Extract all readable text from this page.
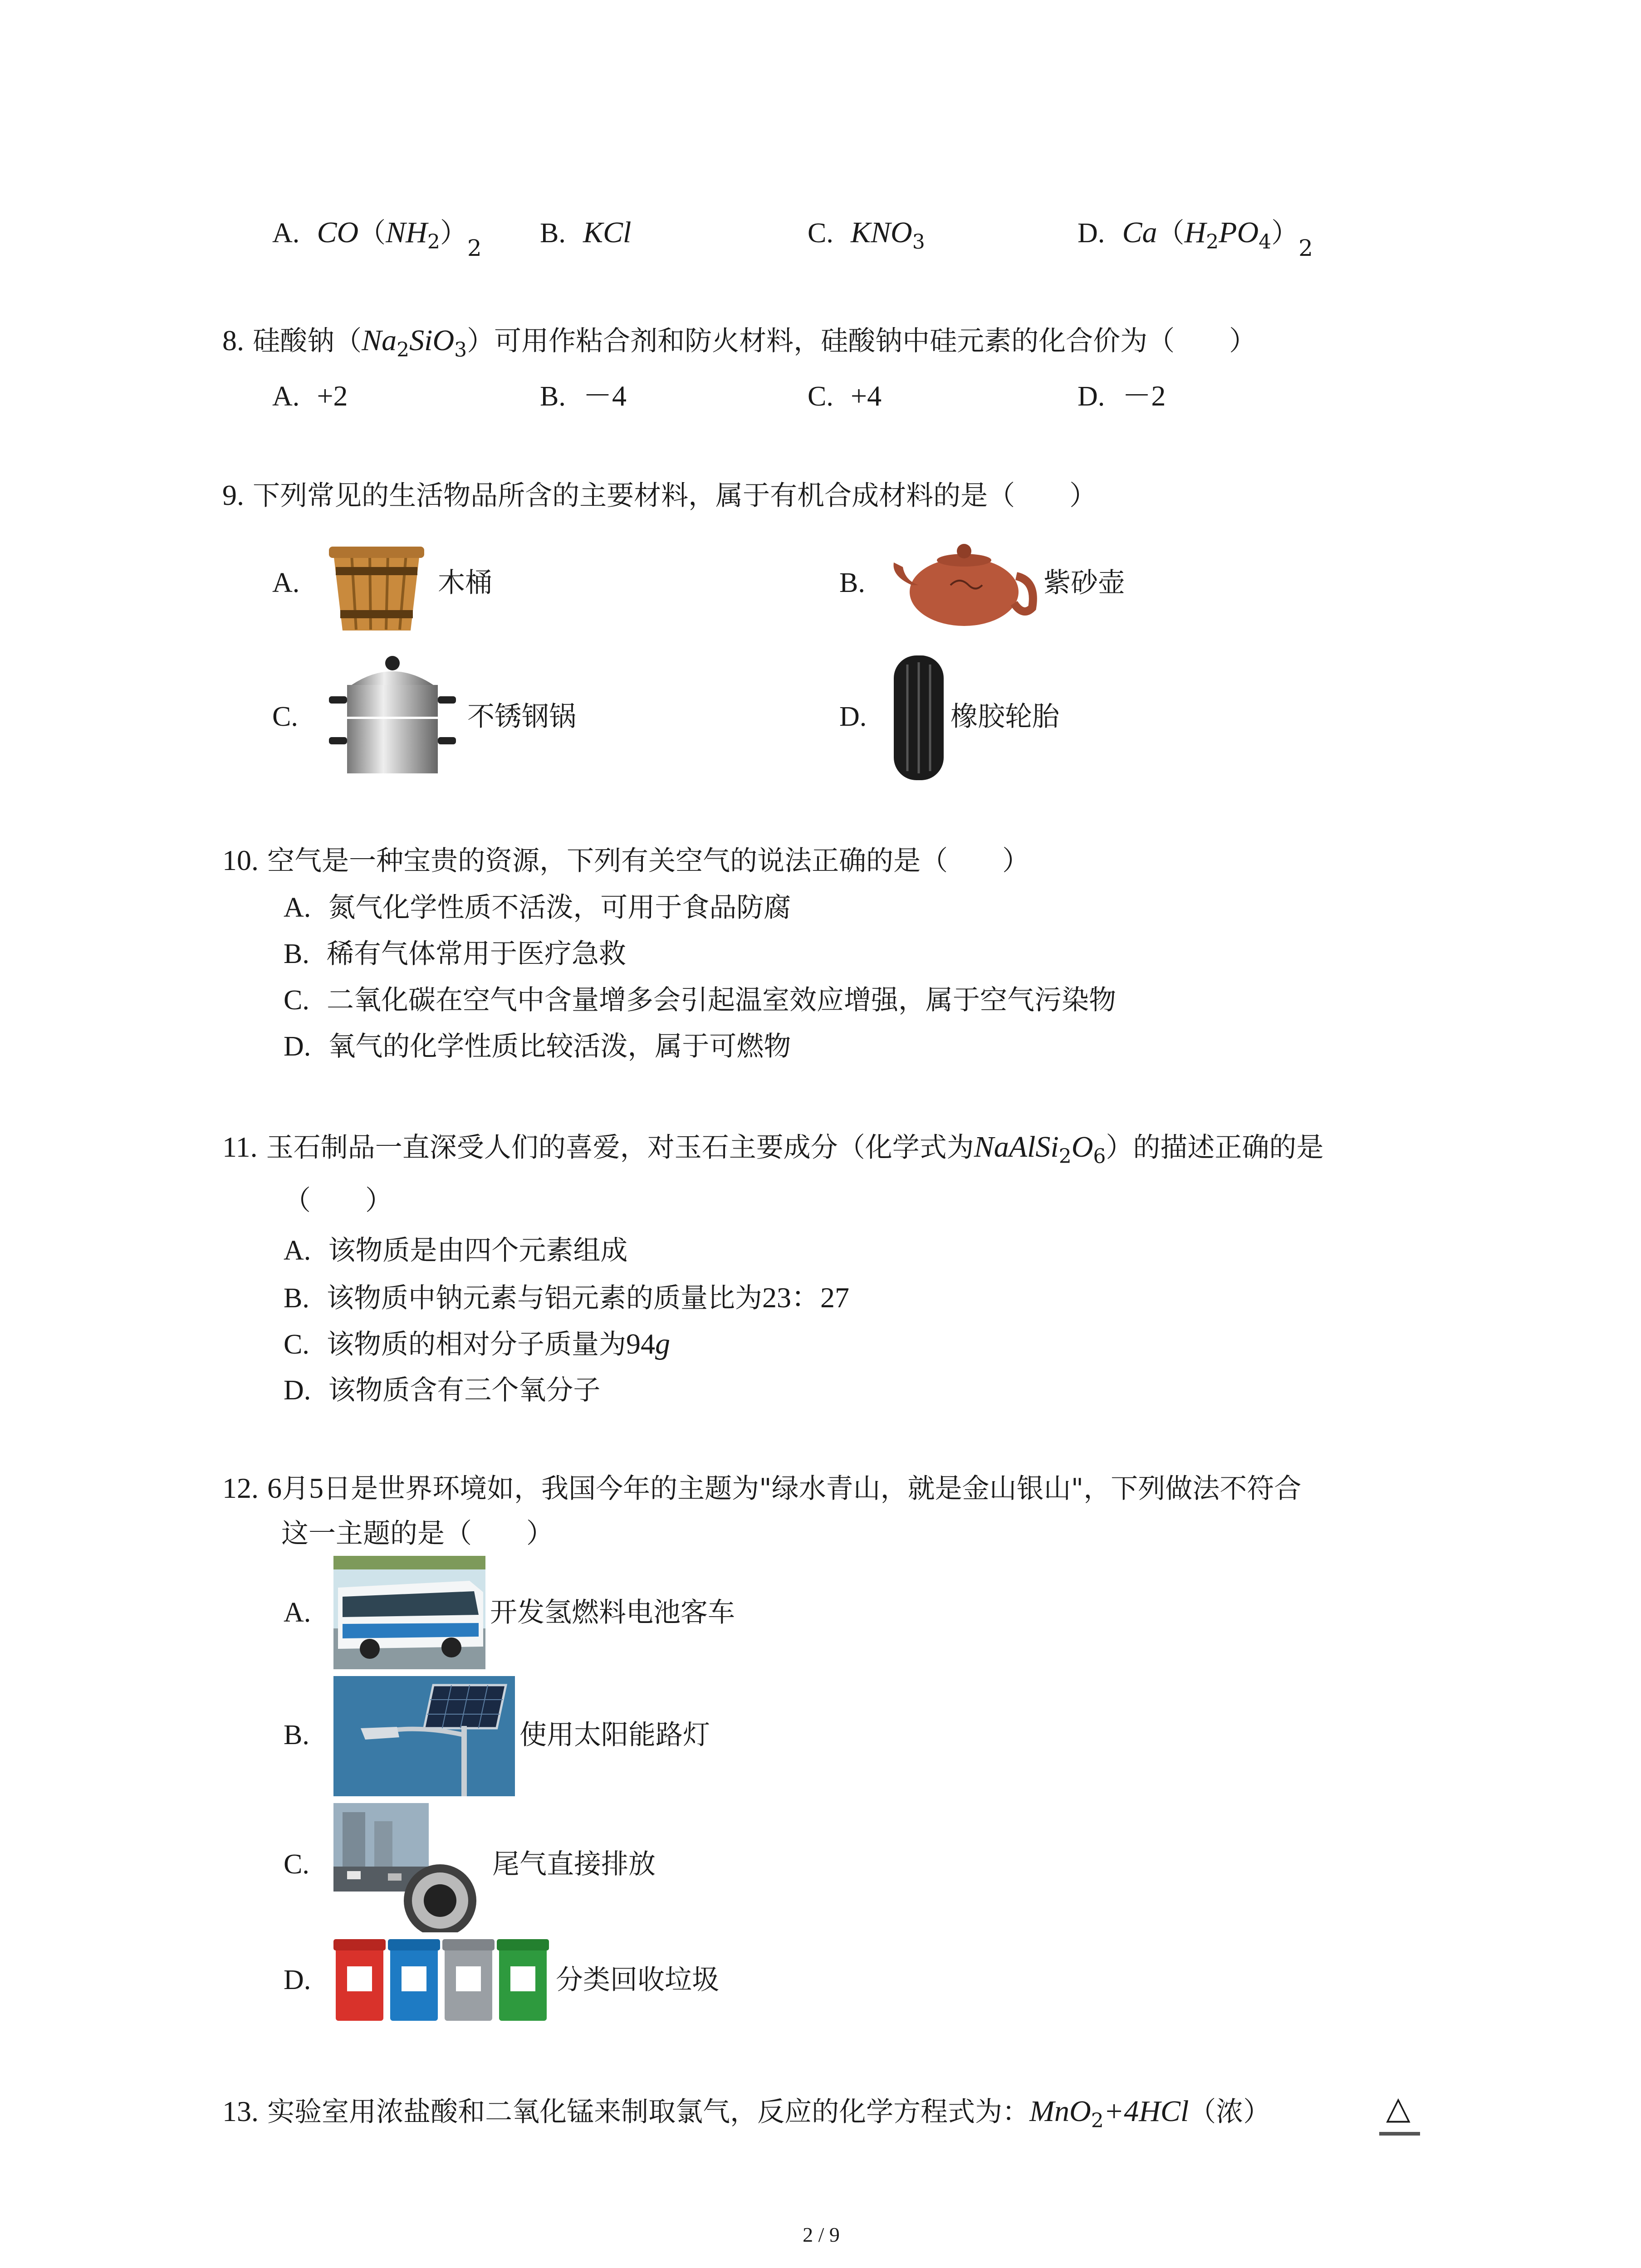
A. $CO(NH_2)_2$ B. KCl	C. $KNO_3$	D. $Ca(H_2PO_4)_2$
8. 硅酸钠$(Na_2SiO_3)$可用作粘合剂和防火材料，硅酸钠中硅元素的化合价为（　　）
A. +2	B. －4	C. +4	D. －2
9. 下列常见的生活物品所含的主要材料，属于有机合成材料的是（　　）
A.	木桶	B.	紫砂壶
C.	不锈钢锅	D.	橡胶轮胎
10. 空气是一种宝贵的资源，下列有关空气的说法正确的是（　　）
A. 氮气化学性质不活泼，可用于食品防腐
B. 稀有气体常用于医疗急救
C. 二氧化碳在空气中含量增多会引起温室效应增强，属于空气污染物
D. 氧气的化学性质比较活泼，属于可燃物
11. 玉石制品一直深受人们的喜爱，对玉石主要成分（化学式为$NaAlSi_2O_6$）的描述正确的是
（　　）
A. 该物质是由四个元素组成
B. 该物质中钠元素与铝元素的质量比为23：27
C. 该物质的相对分子质量为94g
D. 该物质含有三个氧分子
12. 6月5日是世界环境如，我国今年的主题为"绿水青山，就是金山银山"，下列做法不符合
这一主题的是（　　）
A.	开发氢燃料电池客车
B.	使用太阳能路灯
C.	尾气直接排放
D.	分类回收垃圾
13. 实验室用浓盐酸和二氧化锰来制取氯气，反应的化学方程式为：MnO$_2$+4HCl（浓）	△
2 / 9
